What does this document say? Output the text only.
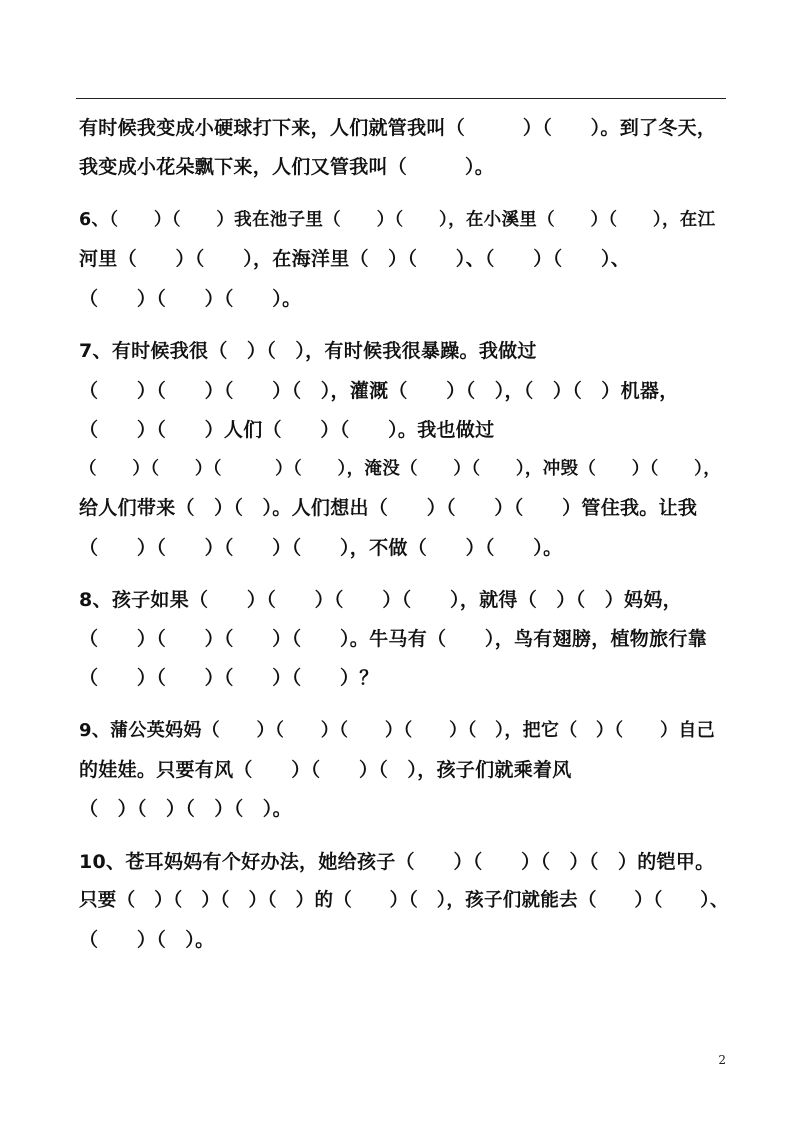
有时候我变成小硬球打下来，人们就管我叫（　　　）（　　）。到了冬天，
我变成小花朵飘下来，人们又管我叫（　　　）。
6、（　　）（　　）我在池子里（　　）（　　），在小溪里（　　）（　　），在江
河里（　　）（　　），在海洋里（　）（　　）、（　　）（　　）、
（　　）（　　）（　　）。
7、有时候我很（　）（　），有时候我很暴躁。我做过
（　　）（　　）（　　）（　），灌溉（　　）（　），（　）（　）机器，
（　　）（　　）人们（　　）（　　）。我也做过
（　　）（　　）（　　　）（　　），淹没（　　）（　　），冲毁（　　）（　　），
给人们带来（　）（　）。人们想出（　　）（　　）（　　）管住我。让我
（　　）（　　）（　　）（　　），不做（　　）（　　）。
8、孩子如果（　　）（　　）（　　）（　　），就得（　）（　）妈妈，
（　　）（　　）（　　）（　　）。牛马有（　　），鸟有翅膀，植物旅行靠
（　　）（　　）（　　）（　　）？
9、蒲公英妈妈（　　）（　　）（　　）（　　）（　），把它（　）（　　）自己
的娃娃。只要有风（　　）（　　）（　），孩子们就乘着风
（　）（　）（　）（　）。
10、苍耳妈妈有个好办法，她给孩子（　　）（　　）（　）（　）的铠甲。
只要（　）（　）（　）（　）的（　　）（　），孩子们就能去（　　）（　　）、
（　　）（　）。
2
